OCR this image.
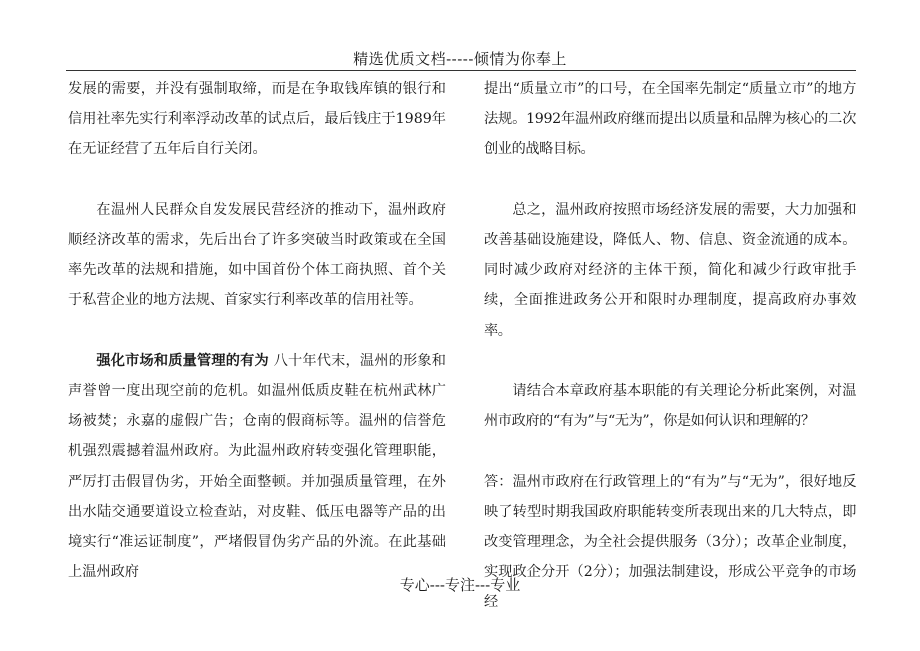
精选优质文档-----倾情为你奉上

发展的需要，并没有强制取缔，而是在争取钱库镇的银行和信用社率先实行利率浮动改革的试点后，最后钱庄于1989年在无证经营了五年后自行关闭。

在温州人民群众自发发展民营经济的推动下，温州政府顺经济改革的需求，先后出台了许多突破当时政策或在全国率先改革的法规和措施，如中国首份个体工商执照、首个关于私营企业的地方法规、首家实行利率改革的信用社等。

强化市场和质量管理的有为 八十年代末，温州的形象和声誉曾一度出现空前的危机。如温州低质皮鞋在杭州武林广场被焚；永嘉的虚假广告；仓南的假商标等。温州的信誉危机强烈震撼着温州政府。为此温州政府转变强化管理职能，严厉打击假冒伪劣，开始全面整顿。并加强质量管理，在外出水陆交通要道设立检查站，对皮鞋、低压电器等产品的出境实行“准运证制度”，严堵假冒伪劣产品的外流。在此基础上温州政府

提出“质量立市”的口号，在全国率先制定“质量立市”的地方法规。1992年温州政府继而提出以质量和品牌为核心的二次创业的战略目标。

总之，温州政府按照市场经济发展的需要，大力加强和改善基础设施建设，降低人、物、信息、资金流通的成本。同时减少政府对经济的主体干预，简化和减少行政审批手续，全面推进政务公开和限时办理制度，提高政府办事效率。

请结合本章政府基本职能的有关理论分析此案例，对温州市政府的“有为”与“无为”，你是如何认识和理解的？

答：温州市政府在行政管理上的“有为”与“无为”，很好地反映了转型时期我国政府职能转变所表现出来的几大特点，即改变管理理念，为全社会提供服务（3分）；改革企业制度，实现政企分开（2分）；加强法制建设，形成公平竞争的市场经

专心---专注---专业
